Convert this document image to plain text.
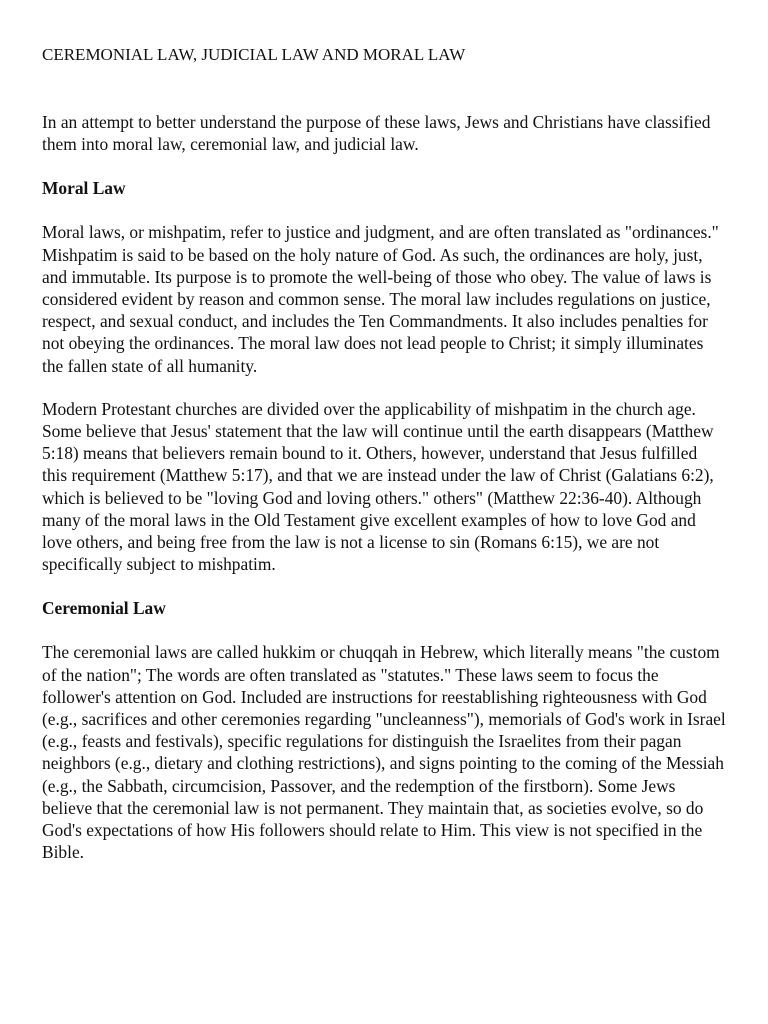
CEREMONIAL LAW, JUDICIAL LAW AND MORAL LAW

In an attempt to better understand the purpose of these laws, Jews and Christians have classified them into moral law, ceremonial law, and judicial law.

Moral Law

Moral laws, or mishpatim, refer to justice and judgment, and are often translated as "ordinances." Mishpatim is said to be based on the holy nature of God. As such, the ordinances are holy, just, and immutable. Its purpose is to promote the well-being of those who obey. The value of laws is considered evident by reason and common sense. The moral law includes regulations on justice, respect, and sexual conduct, and includes the Ten Commandments. It also includes penalties for not obeying the ordinances. The moral law does not lead people to Christ; it simply illuminates the fallen state of all humanity.

Modern Protestant churches are divided over the applicability of mishpatim in the church age. Some believe that Jesus' statement that the law will continue until the earth disappears (Matthew 5:18) means that believers remain bound to it. Others, however, understand that Jesus fulfilled this requirement (Matthew 5:17), and that we are instead under the law of Christ (Galatians 6:2), which is believed to be "loving God and loving others." others" (Matthew 22:36-40). Although many of the moral laws in the Old Testament give excellent examples of how to love God and love others, and being free from the law is not a license to sin (Romans 6:15), we are not specifically subject to mishpatim.

Ceremonial Law

The ceremonial laws are called hukkim or chuqqah in Hebrew, which literally means "the custom of the nation"; The words are often translated as "statutes." These laws seem to focus the follower's attention on God. Included are instructions for reestablishing righteousness with God (e.g., sacrifices and other ceremonies regarding "uncleanness"), memorials of God's work in Israel (e.g., feasts and festivals), specific regulations for distinguish the Israelites from their pagan neighbors (e.g., dietary and clothing restrictions), and signs pointing to the coming of the Messiah (e.g., the Sabbath, circumcision, Passover, and the redemption of the firstborn). Some Jews believe that the ceremonial law is not permanent. They maintain that, as societies evolve, so do God's expectations of how His followers should relate to Him. This view is not specified in the Bible.
